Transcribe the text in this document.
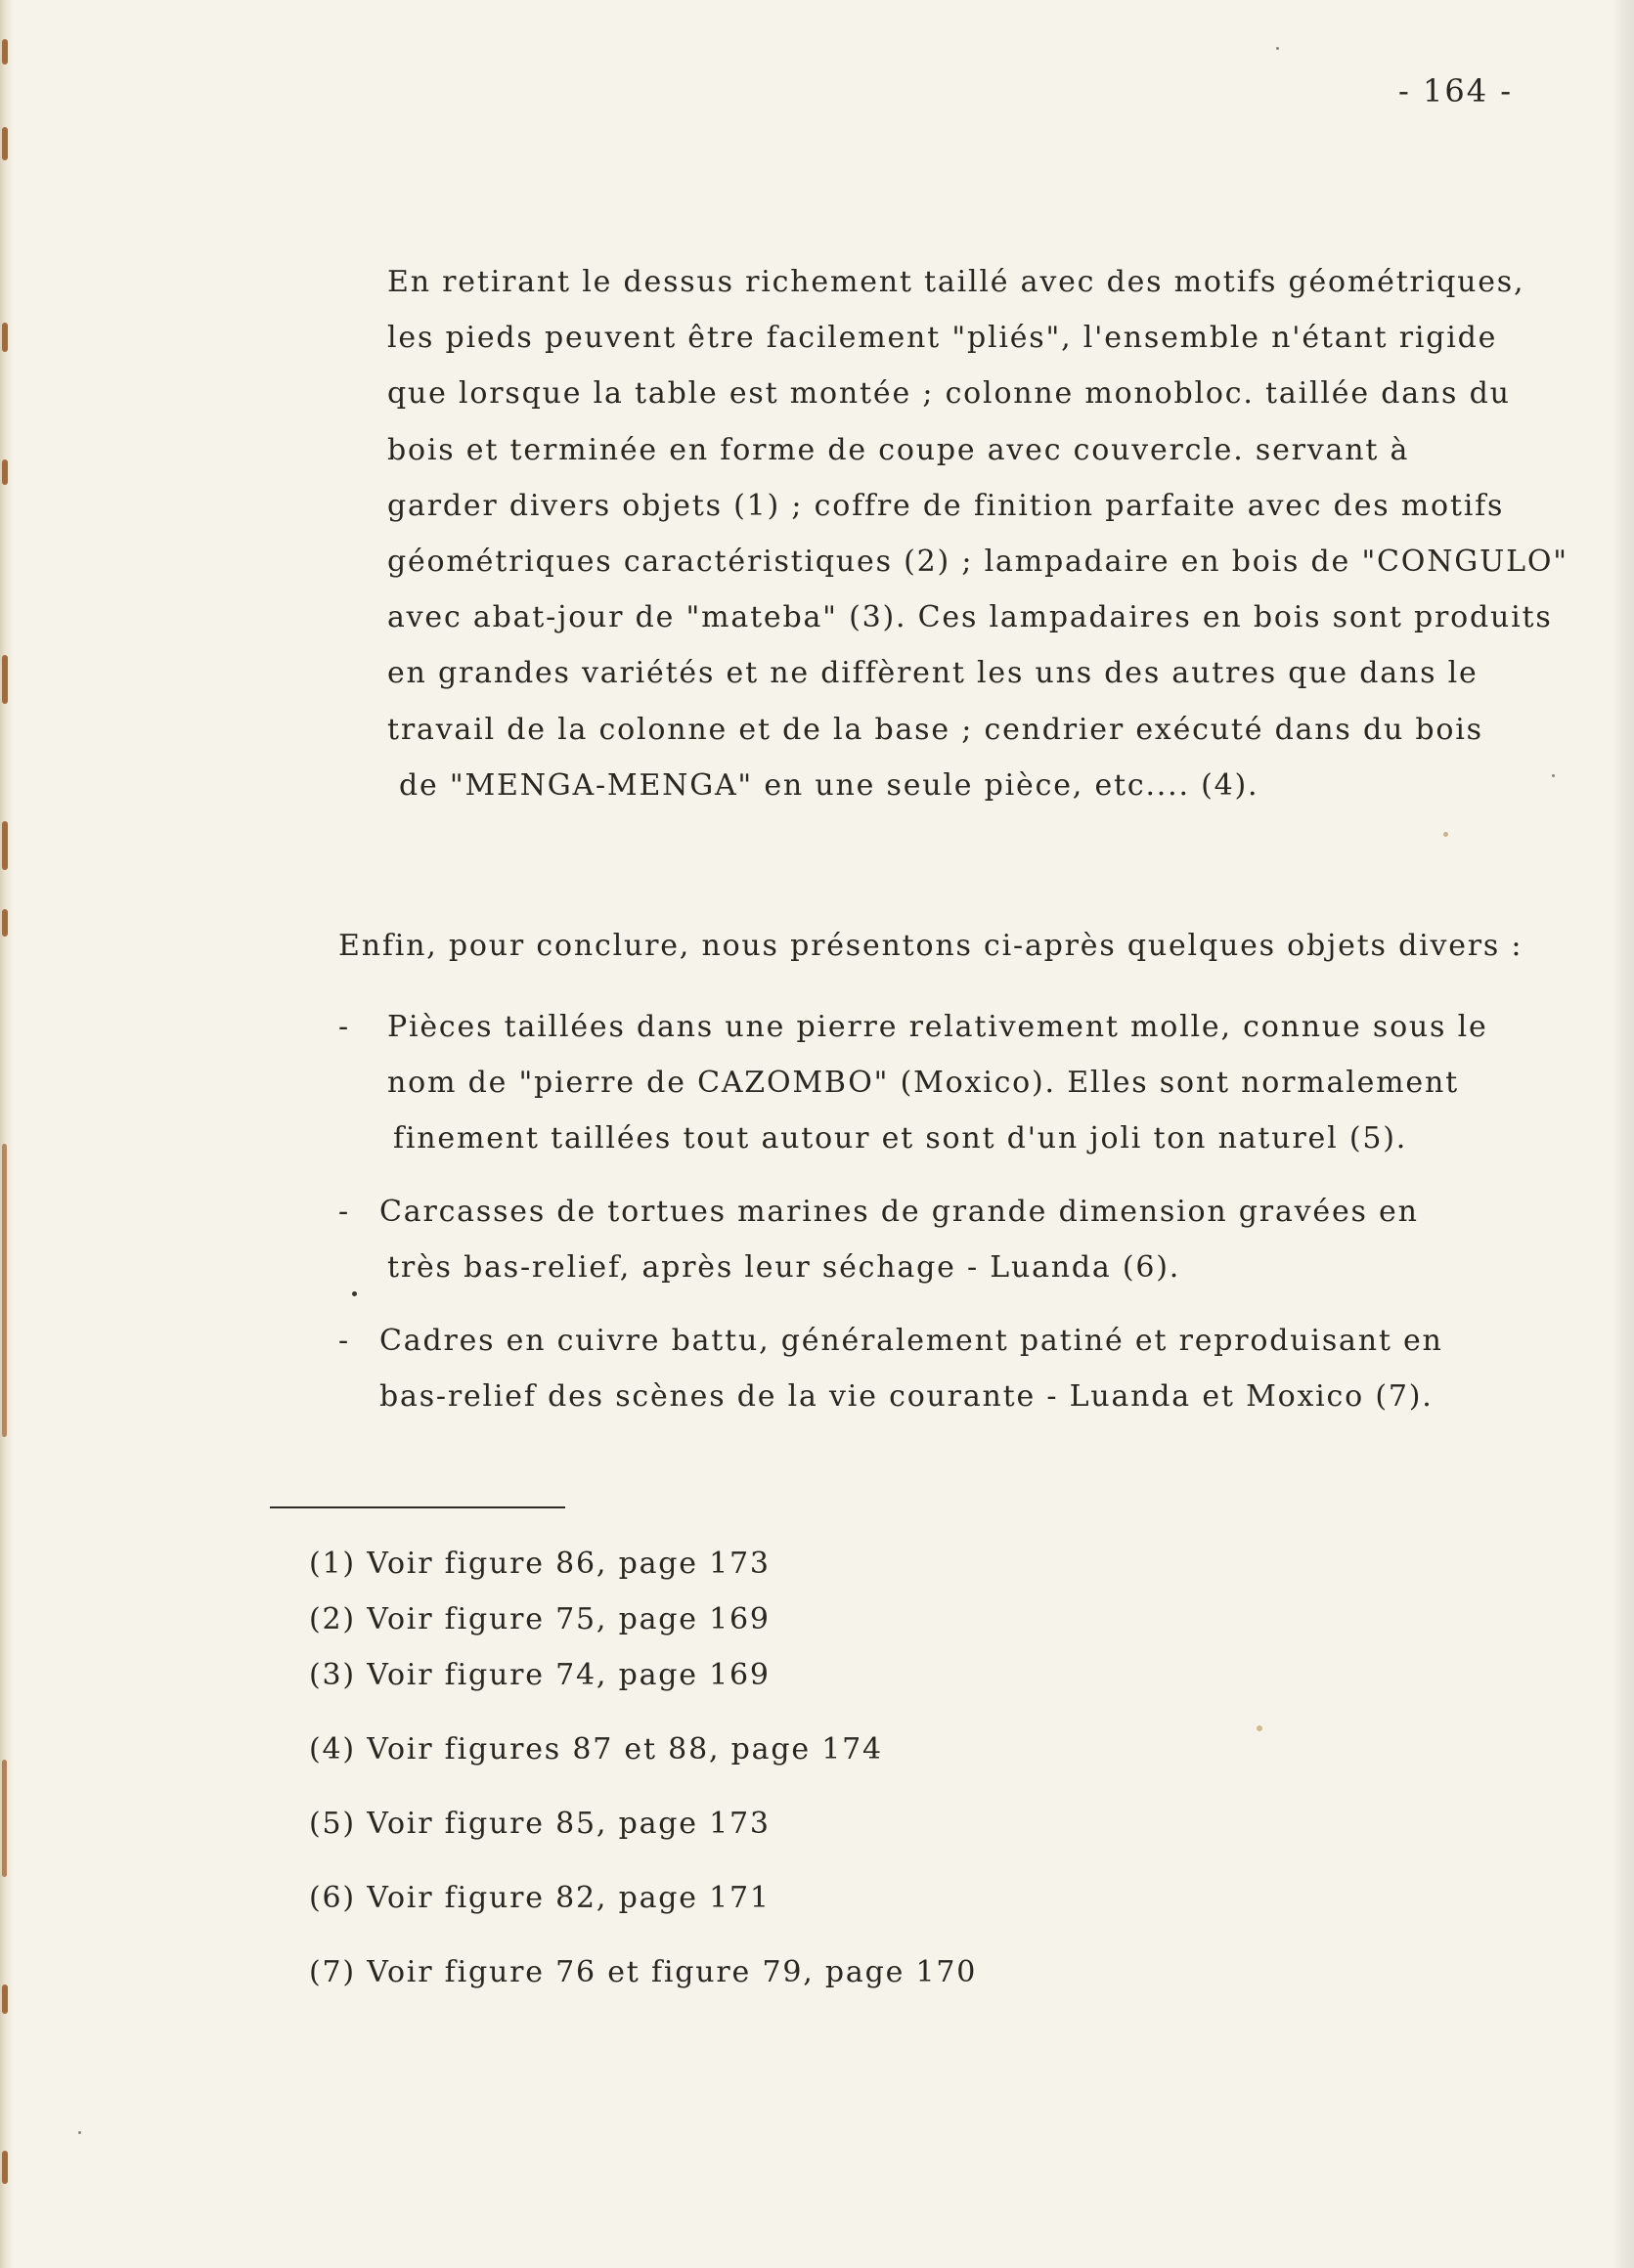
- 164 -
En retirant le dessus richement taillé avec des motifs géométriques,
les pieds peuvent être facilement "pliés", l'ensemble n'étant rigide
que lorsque la table est montée ; colonne monobloc. taillée dans du
bois et terminée en forme de coupe avec couvercle. servant à
garder divers objets (1) ; coffre de finition parfaite avec des motifs
géométriques caractéristiques (2) ; lampadaire en bois de "CONGULO"
avec abat-jour de "mateba" (3). Ces lampadaires en bois sont produits
en grandes variétés et ne diffèrent les uns des autres que dans le
travail de la colonne et de la base ; cendrier exécuté dans du bois
de "MENGA-MENGA" en une seule pièce, etc.... (4).
Enfin, pour conclure, nous présentons ci-après quelques objets divers :
- Pièces taillées dans une pierre relativement molle, connue sous le
nom de "pierre de CAZOMBO" (Moxico). Elles sont normalement
finement taillées tout autour et sont d'un joli ton naturel (5).
- Carcasses de tortues marines de grande dimension gravées en
très bas-relief, après leur séchage - Luanda (6).
- Cadres en cuivre battu, généralement patiné et reproduisant en
bas-relief des scènes de la vie courante - Luanda et Moxico (7).
(1) Voir figure 86, page 173
(2) Voir figure 75, page 169
(3) Voir figure 74, page 169
(4) Voir figures 87 et 88, page 174
(5) Voir figure 85, page 173
(6) Voir figure 82, page 171
(7) Voir figure 76 et figure 79, page 170
